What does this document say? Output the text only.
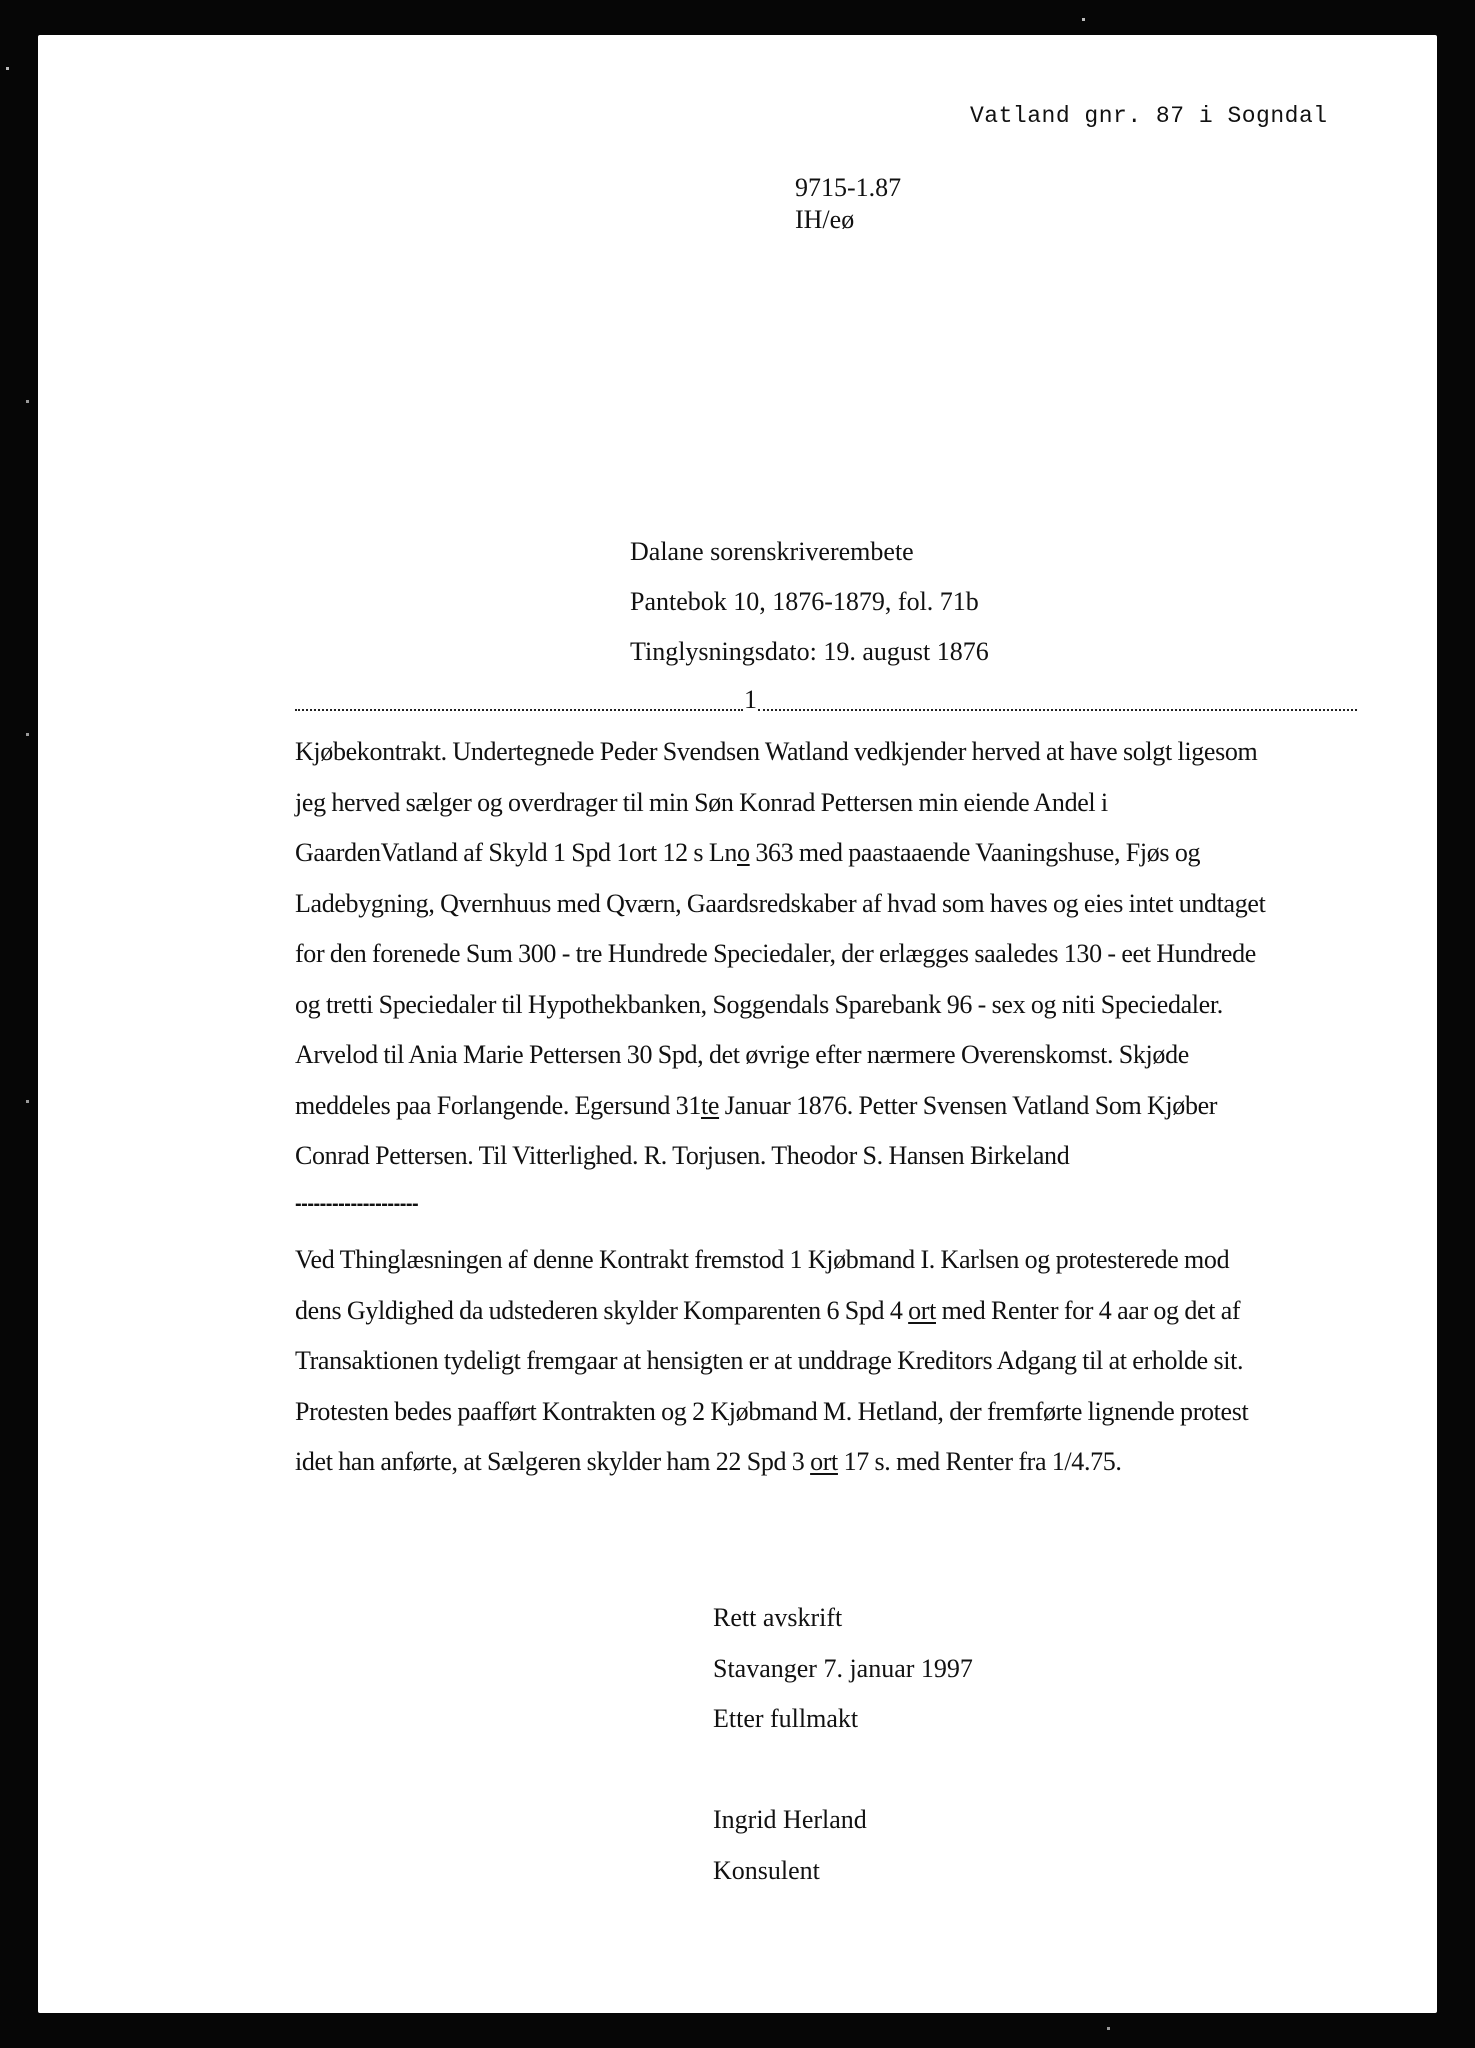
Vatland gnr. 87 i Sogndal
9715-1.87
IH/eø
Dalane sorenskriverembete
Pantebok 10, 1876-1879, fol. 71b
Tinglysningsdato: 19. august 1876
1
Kjøbekontrakt. Undertegnede Peder Svendsen Watland vedkjender herved at have solgt ligesom
jeg herved sælger og overdrager til min Søn Konrad Pettersen min eiende Andel i
GaardenVatland af Skyld 1 Spd 1ort 12 s Lno 363 med paastaaende Vaaningshuse, Fjøs og
Ladebygning, Qvernhuus med Qværn, Gaardsredskaber af hvad som haves og eies intet undtaget
for den forenede Sum 300 - tre Hundrede Speciedaler, der erlægges saaledes 130 - eet Hundrede
og tretti Speciedaler til Hypothekbanken, Soggendals Sparebank 96 - sex og niti Speciedaler.
Arvelod til Ania Marie Pettersen 30 Spd, det øvrige efter nærmere Overenskomst. Skjøde
meddeles paa Forlangende. Egersund 31te Januar 1876. Petter Svensen Vatland Som Kjøber
Conrad Pettersen. Til Vitterlighed. R. Torjusen. Theodor S. Hansen Birkeland
--------------------
Ved Thinglæsningen af denne Kontrakt fremstod 1 Kjøbmand I. Karlsen og protesterede mod
dens Gyldighed da udstederen skylder Komparenten 6 Spd 4 ort med Renter for 4 aar og det af
Transaktionen tydeligt fremgaar at hensigten er at unddrage Kreditors Adgang til at erholde sit.
Protesten bedes paafført Kontrakten og 2 Kjøbmand M. Hetland, der fremførte lignende protest
idet han anførte, at Sælgeren skylder ham 22 Spd 3 ort 17 s. med Renter fra 1/4.75.
Rett avskrift
Stavanger 7. januar 1997
Etter fullmakt
Ingrid Herland
Konsulent
